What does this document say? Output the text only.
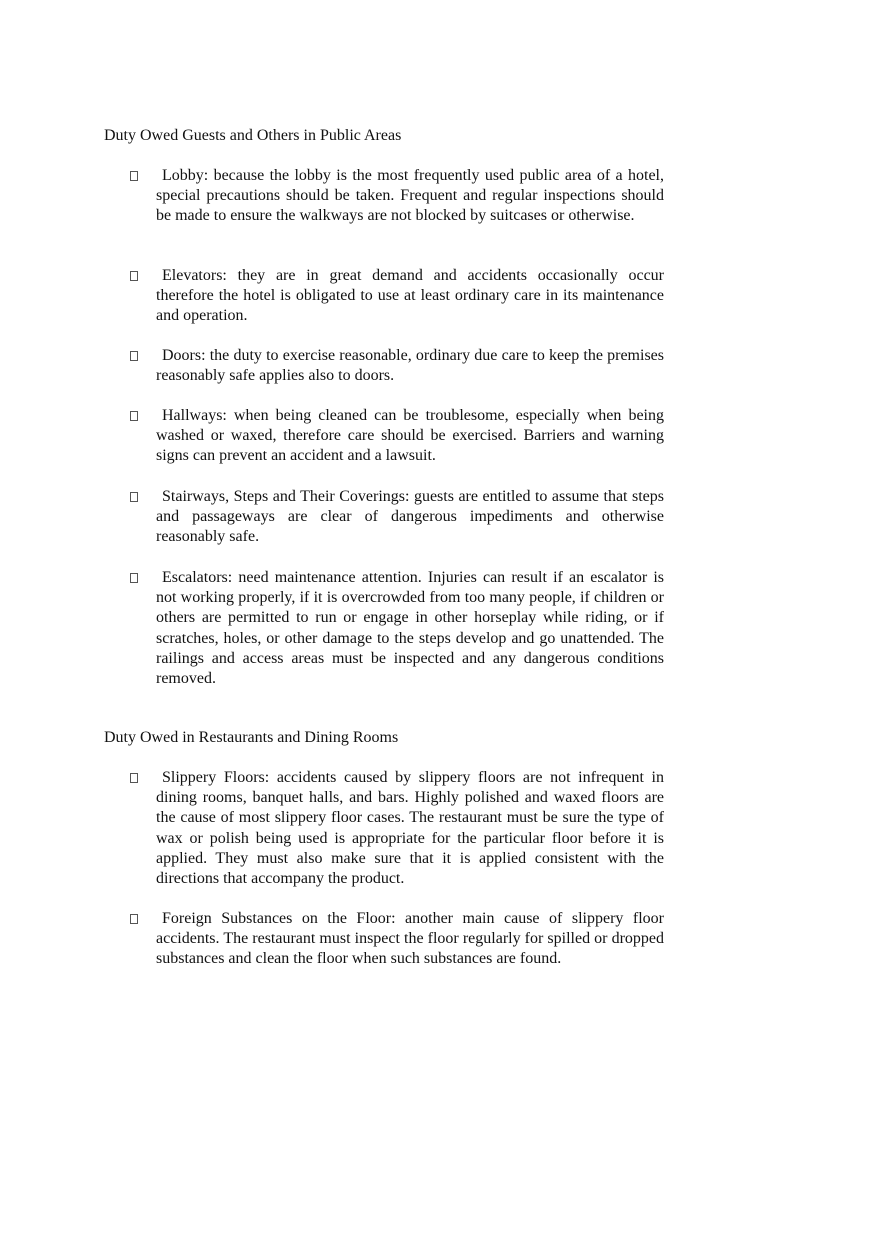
Duty Owed Guests and Others in Public Areas
Lobby: because the lobby is the most frequently used public area of a hotel, special precautions should be taken. Frequent and regular inspections should be made to ensure the walkways are not blocked by suitcases or otherwise.
Elevators: they are in great demand and accidents occasionally occur therefore the hotel is obligated to use at least ordinary care in its maintenance and operation.
Doors: the duty to exercise reasonable, ordinary due care to keep the premises reasonably safe applies also to doors.
Hallways: when being cleaned can be troublesome, especially when being washed or waxed, therefore care should be exercised. Barriers and warning signs can prevent an accident and a lawsuit.
Stairways, Steps and Their Coverings: guests are entitled to assume that steps and passageways are clear of dangerous impediments and otherwise reasonably safe.
Escalators: need maintenance attention. Injuries can result if an escalator is not working properly, if it is overcrowded from too many people, if children or others are permitted to run or engage in other horseplay while riding, or if scratches, holes, or other damage to the steps develop and go unattended. The railings and access areas must be inspected and any dangerous conditions removed.
Duty Owed in Restaurants and Dining Rooms
Slippery Floors: accidents caused by slippery floors are not infrequent in dining rooms, banquet halls, and bars. Highly polished and waxed floors are the cause of most slippery floor cases. The restaurant must be sure the type of wax or polish being used is appropriate for the particular floor before it is applied. They must also make sure that it is applied consistent with the directions that accompany the product.
Foreign Substances on the Floor: another main cause of slippery floor accidents. The restaurant must inspect the floor regularly for spilled or dropped substances and clean the floor when such substances are found.
